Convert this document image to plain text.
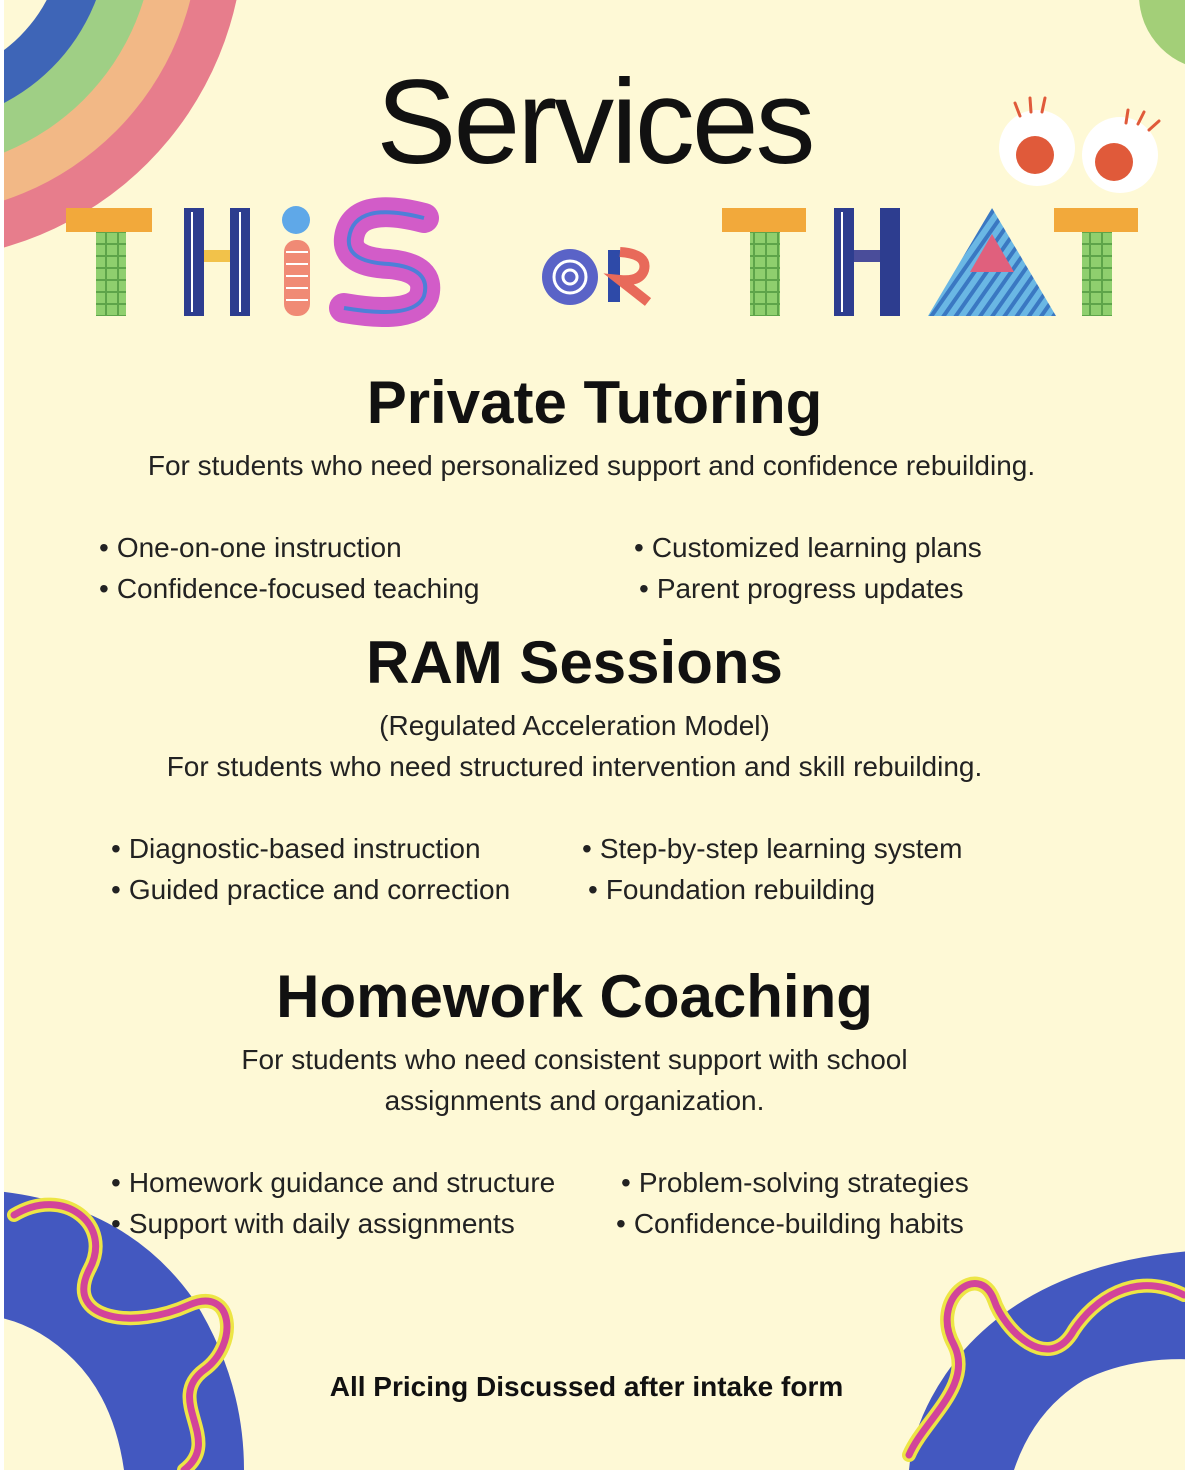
Services
Private Tutoring
For students who need personalized support and confidence rebuilding.
• One-on-one instruction	• Customized learning plans
• Confidence-focused teaching	• Parent progress updates
RAM Sessions
(Regulated Acceleration Model)
For students who need structured intervention and skill rebuilding.
• Diagnostic-based instruction	• Step-by-step learning system
• Guided practice and correction	• Foundation rebuilding
Homework Coaching
For students who need consistent support with school
assignments and organization.
• Homework guidance and structure	• Problem-solving strategies
• Support with daily assignments	• Confidence-building habits
All Pricing Discussed after intake form
